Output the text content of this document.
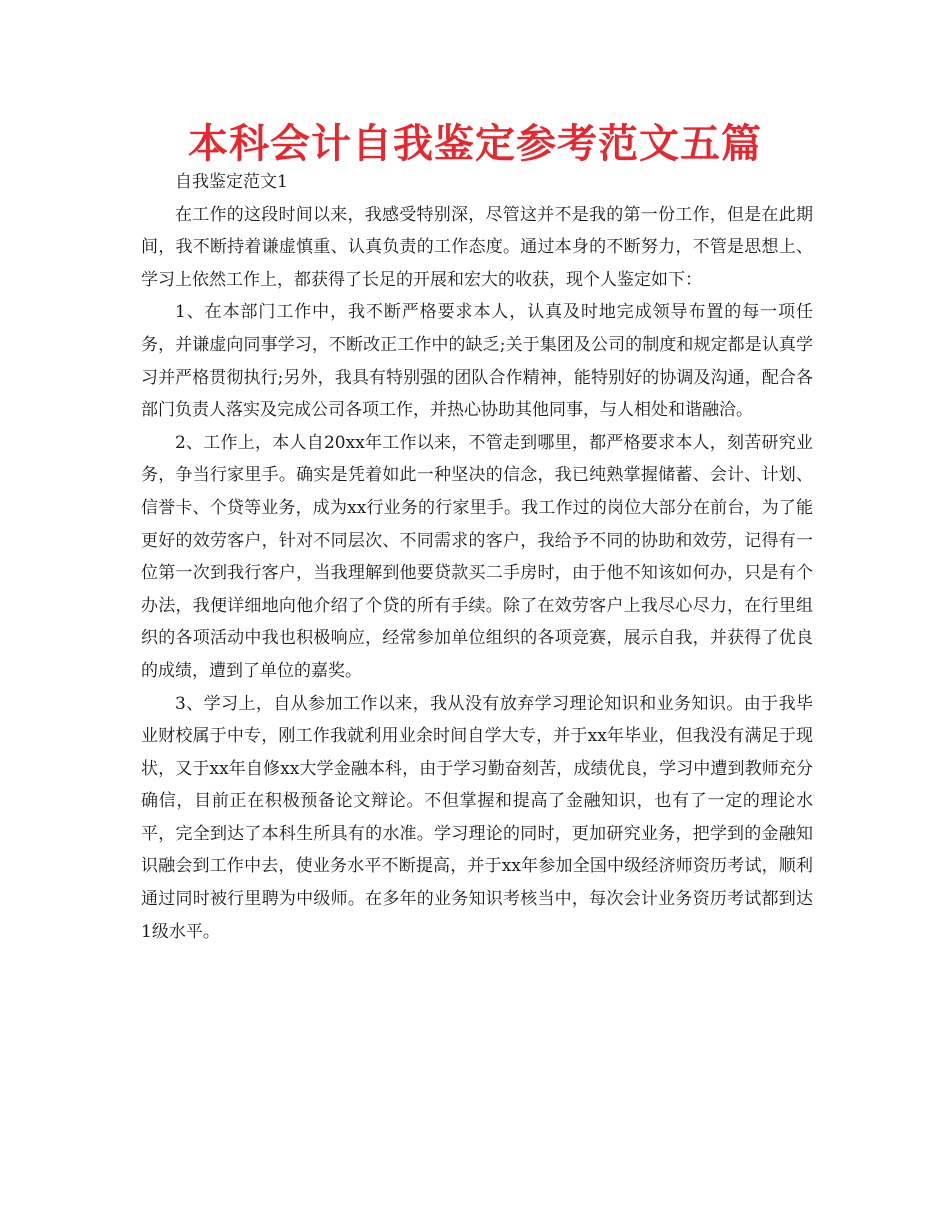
本科会计自我鉴定参考范文五篇

自我鉴定范文1

在工作的这段时间以来，我感受特别深，尽管这并不是我的第一份工作，但是在此期间，我不断持着谦虚慎重、认真负责的工作态度。通过本身的不断努力，不管是思想上、学习上依然工作上，都获得了长足的开展和宏大的收获，现个人鉴定如下：

1、在本部门工作中，我不断严格要求本人，认真及时地完成领导布置的每一项任务，并谦虚向同事学习，不断改正工作中的缺乏;关于集团及公司的制度和规定都是认真学习并严格贯彻执行;另外，我具有特别强的团队合作精神，能特别好的协调及沟通，配合各部门负责人落实及完成公司各项工作，并热心协助其他同事，与人相处和谐融洽。

2、工作上，本人自20xx年工作以来，不管走到哪里，都严格要求本人，刻苦研究业务，争当行家里手。确实是凭着如此一种坚决的信念，我已纯熟掌握储蓄、会计、计划、信誉卡、个贷等业务，成为xx行业务的行家里手。我工作过的岗位大部分在前台，为了能更好的效劳客户，针对不同层次、不同需求的客户，我给予不同的协助和效劳，记得有一位第一次到我行客户，当我理解到他要贷款买二手房时，由于他不知该如何办，只是有个办法，我便详细地向他介绍了个贷的所有手续。除了在效劳客户上我尽心尽力，在行里组织的各项活动中我也积极响应，经常参加单位组织的各项竞赛，展示自我，并获得了优良的成绩，遭到了单位的嘉奖。

3、学习上，自从参加工作以来，我从没有放弃学习理论知识和业务知识。由于我毕业财校属于中专，刚工作我就利用业余时间自学大专，并于xx年毕业，但我没有满足于现状，又于xx年自修xx大学金融本科，由于学习勤奋刻苦，成绩优良，学习中遭到教师充分确信，目前正在积极预备论文辩论。不但掌握和提高了金融知识，也有了一定的理论水平，完全到达了本科生所具有的水准。学习理论的同时，更加研究业务，把学到的金融知识融会到工作中去，使业务水平不断提高，并于xx年参加全国中级经济师资历考试，顺利通过同时被行里聘为中级师。在多年的业务知识考核当中，每次会计业务资历考试都到达1级水平。
